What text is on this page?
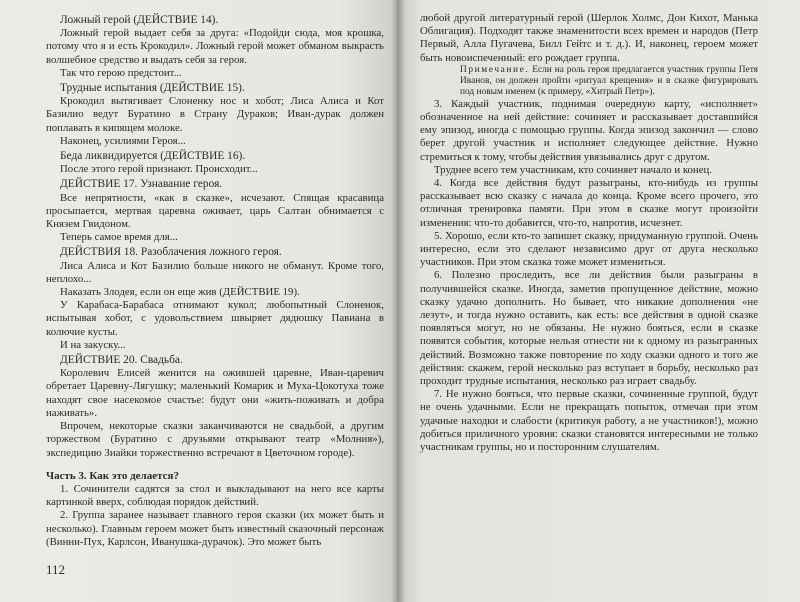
Ложный герой (ДЕЙСТВИЕ 14).

Ложный герой выдает себя за друга: «Подойди сюда, моя крошка, потому что я и есть Крокодил». Ложный герой может обманом выкрасть волшебное средство и выдать себя за героя.

Так что герою предстоит...

Трудные испытания (ДЕЙСТВИЕ 15).

Крокодил вытягивает Слоненку нос и хобот; Лиса Алиса и Кот Базилио ведут Буратино в Страну Дураков; Иван-дурак должен поплавать в кипящем молоке.

Наконец, усилиями Героя...

Беда ликвидируется (ДЕЙСТВИЕ 16).

После этого герой признают. Происходит...

ДЕЙСТВИЕ 17. Узнавание героя.

Все непрятности, «как в сказке», исчезают. Спящая красавица просыпается, мертвая царевна оживает, царь Салтан обнимается с Князем Гвидоном.

Теперь самое время для...

ДЕЙСТВИЯ 18. Разоблачения ложного героя.

Лиса Алиса и Кот Базилио больше никого не обманут. Кроме того, неплохо...

Наказать Злодея, если он еще жив (ДЕЙСТВИЕ 19).

У Карабаса-Барабаса отнимают кукол; любопытный Слоненок, испытывая хобот, с удовольствием швыряет дядюшку Павиана в колючие кусты.

И на закуску...

ДЕЙСТВИЕ 20. Свадьба.

Королевич Елисей женится на ожившей царевне, Иван-царевич обретает Царевну-Лягушку; маленький Комарик и Муха-Цокотуха тоже находят свое насекомое счастье: будут они «жить-поживать и добра наживать».

Впрочем, некоторые сказки заканчиваются не свадьбой, а другим торжеством (Буратино с друзьями открывают театр «Молния»), экспедицию Знайки торжественно встречают в Цветочном городе).

Часть 3. Как это делается?

1. Сочинители садятся за стол и выкладывают на него все карты картинкой вверх, соблюдая порядок действий.

2. Группа заранее называет главного героя сказки (их может быть и несколько). Главным героем может быть известный сказочный персонаж (Винни-Пух, Карлсон, Иванушка-дурачок). Это может быть

112

любой другой литературный герой (Шерлок Холмс, Дон Кихот, Манька Облигация). Подходят также знаменитости всех времен и народов (Петр Первый, Алла Пугачева, Билл Гейтс и т. д.). И, наконец, героем может быть новоиспеченный: его рождает группа.

Примечание. Если на роль героя предлагается участник группы Петя Иванов, он должен пройти «ритуал крещения» и в сказке фигурировать под новым именем (к примеру, «Хитрый Петр»).

3. Каждый участник, поднимая очередную карту, «исполняет» обозначенное на ней действие: сочиняет и рассказывает доставшийся ему эпизод, иногда с помощью группы. Когда эпизод закончил — слово берет другой участник и исполняет следующее действие. Нужно стремиться к тому, чтобы действия увязывались друг с другом.

Труднее всего тем участникам, кто сочиняет начало и конец.

4. Когда все действия будут разыграны, кто-нибудь из группы рассказывает всю сказку с начала до конца. Кроме всего прочего, это отличная тренировка памяти. При этом в сказке могут произойти изменения: что-то добавится, что-то, напротив, исчезнет.

5. Хорошо, если кто-то запишет сказку, придуманную группой. Очень интересно, если это сделают независимо друг от друга несколько участников. При этом сказка тоже может измениться.

6. Полезно проследить, все ли действия были разыграны в получившейся сказке. Иногда, заметив пропущенное действие, можно сказку удачно дополнить. Но бывает, что никакие дополнения «не лезут», и тогда нужно оставить, как есть: все действия в одной сказке появляться могут, но не обязаны. Не нужно бояться, если в сказке появятся события, которые нельзя отнести ни к одному из разыгранных действий. Возможно также повторение по ходу сказки одного и того же действия: скажем, герой несколько раз вступает в борьбу, несколько раз проходит трудные испытания, несколько раз играет свадьбу.

7. Не нужно бояться, что первые сказки, сочиненные группой, будут не очень удачными. Если не прекращать попыток, отмечая при этом удачные находки и слабости (критикуя работу, а не участников!), можно добиться приличного уровня: сказки становятся интересными не только участникам группы, но и посторонним слушателям.
